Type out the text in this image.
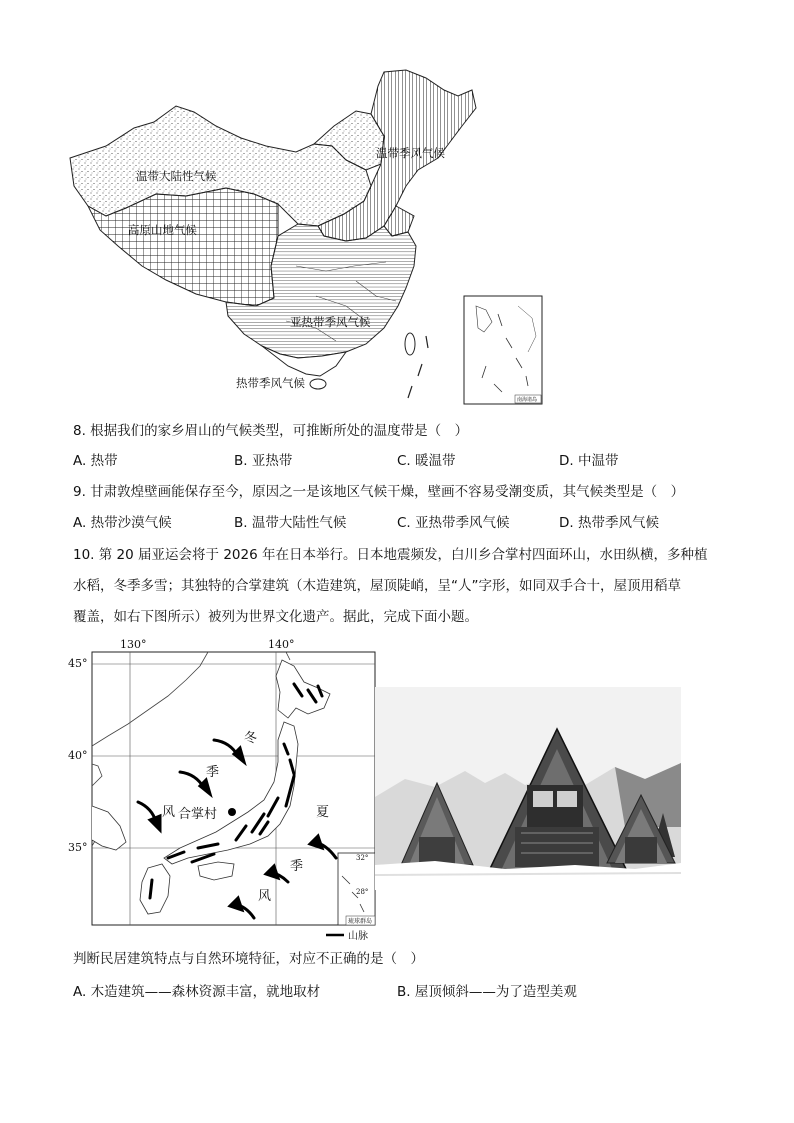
温带大陆性气候
温带季风气候
高原山地气候
亚热带季风气候
热带季风气候
南海诸岛
8. 根据我们的家乡眉山的气候类型，可推断所处的温度带是（　）
A. 热带	B. 亚热带	C. 暖温带	D. 中温带
9. 甘肃敦煌壁画能保存至今，原因之一是该地区气候干燥，壁画不容易受潮变质，其气候类型是（　）
A. 热带沙漠气候	B. 温带大陆性气候	C. 亚热带季风气候	D. 热带季风气候
10. 第 20 届亚运会将于 2026 年在日本举行。日本地震频发，白川乡合掌村四面环山，水田纵横，多种植
水稻，冬季多雪；其独特的合掌建筑（木造建筑，屋顶陡峭，呈“人”字形，如同双手合十，屋顶用稻草
覆盖，如右下图所示）被列为世界文化遗产。据此，完成下面小题。
130°	140°
45°
40°
35°
合掌村
冬
季
风	夏
季
风
32°
28°
琉球群岛
山脉
判断民居建筑特点与自然环境特征，对应不正确的是（　）
A. 木造建筑——森林资源丰富，就地取材	B. 屋顶倾斜——为了造型美观
